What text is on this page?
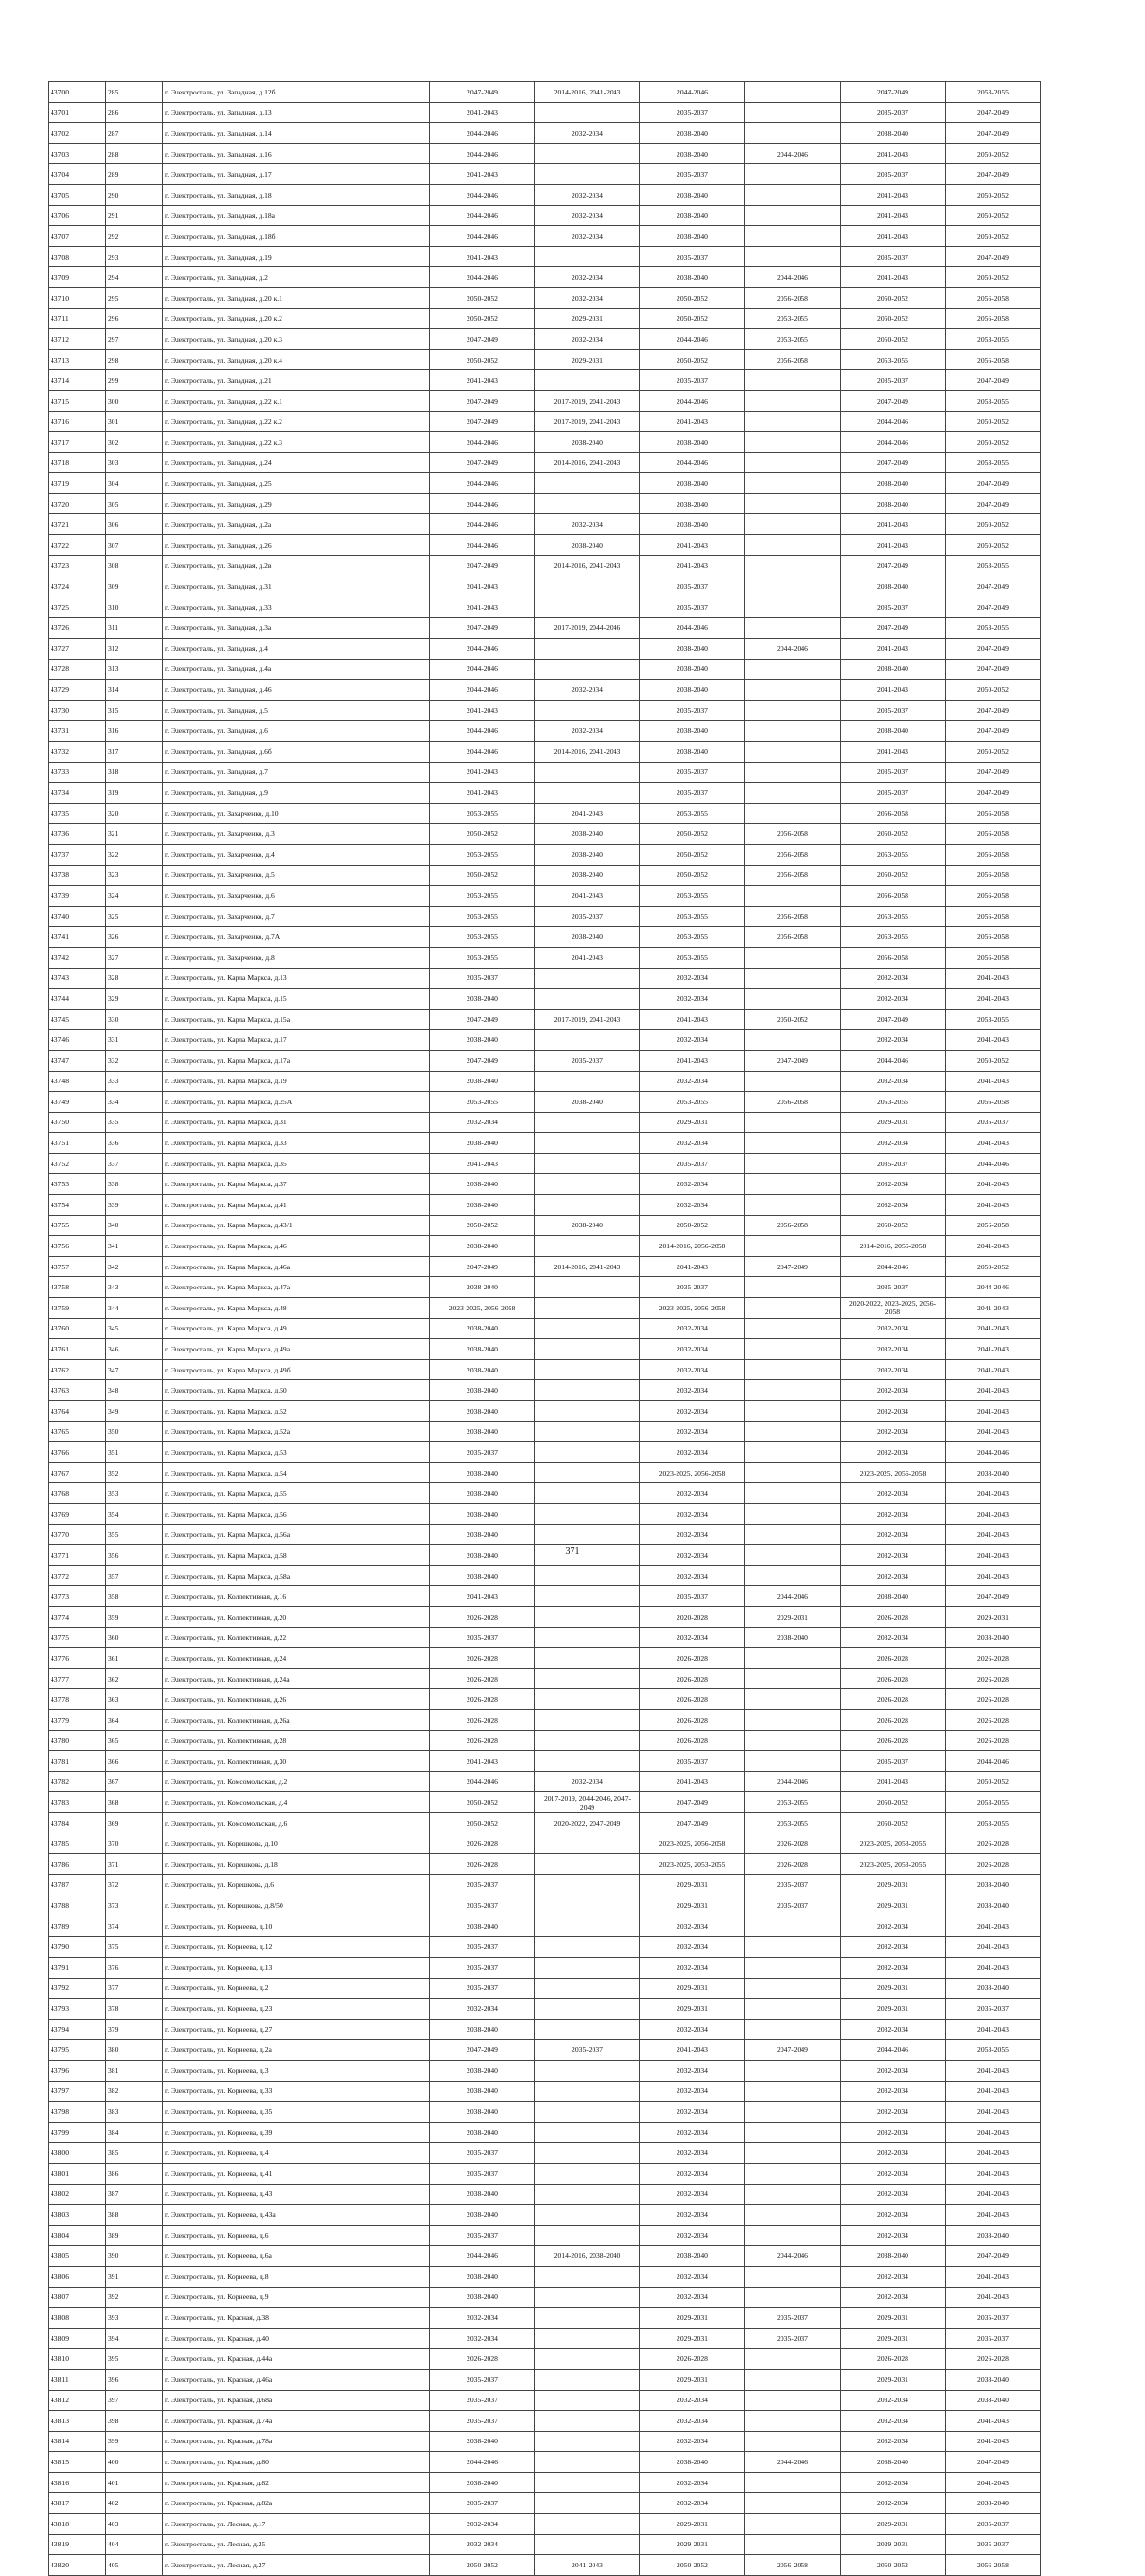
43700	285	г. Электросталь, ул. Западная, д.12б	2047-2049	2014-2016, 2041-2043	2044-2046		2047-2049	2053-2055
43701	286	г. Электросталь, ул. Западная, д.13	2041-2043		2035-2037		2035-2037	2047-2049
43702	287	г. Электросталь, ул. Западная, д.14	2044-2046	2032-2034	2038-2040		2038-2040	2047-2049
43703	288	г. Электросталь, ул. Западная, д.16	2044-2046		2038-2040	2044-2046	2041-2043	2050-2052
43704	289	г. Электросталь, ул. Западная, д.17	2041-2043		2035-2037		2035-2037	2047-2049
43705	290	г. Электросталь, ул. Западная, д.18	2044-2046	2032-2034	2038-2040		2041-2043	2050-2052
43706	291	г. Электросталь, ул. Западная, д.18а	2044-2046	2032-2034	2038-2040		2041-2043	2050-2052
43707	292	г. Электросталь, ул. Западная, д.18б	2044-2046	2032-2034	2038-2040		2041-2043	2050-2052
43708	293	г. Электросталь, ул. Западная, д.19	2041-2043		2035-2037		2035-2037	2047-2049
43709	294	г. Электросталь, ул. Западная, д.2	2044-2046	2032-2034	2038-2040	2044-2046	2041-2043	2050-2052
43710	295	г. Электросталь, ул. Западная, д.20 к.1	2050-2052	2032-2034	2050-2052	2056-2058	2050-2052	2056-2058
43711	296	г. Электросталь, ул. Западная, д.20 к.2	2050-2052	2029-2031	2050-2052	2053-2055	2050-2052	2056-2058
43712	297	г. Электросталь, ул. Западная, д.20 к.3	2047-2049	2032-2034	2044-2046	2053-2055	2050-2052	2053-2055
43713	298	г. Электросталь, ул. Западная, д.20 к.4	2050-2052	2029-2031	2050-2052	2056-2058	2053-2055	2056-2058
43714	299	г. Электросталь, ул. Западная, д.21	2041-2043		2035-2037		2035-2037	2047-2049
43715	300	г. Электросталь, ул. Западная, д.22 к.1	2047-2049	2017-2019, 2041-2043	2044-2046		2047-2049	2053-2055
43716	301	г. Электросталь, ул. Западная, д.22 к.2	2047-2049	2017-2019, 2041-2043	2041-2043		2044-2046	2050-2052
43717	302	г. Электросталь, ул. Западная, д.22 к.3	2044-2046	2038-2040	2038-2040		2044-2046	2050-2052
43718	303	г. Электросталь, ул. Западная, д.24	2047-2049	2014-2016, 2041-2043	2044-2046		2047-2049	2053-2055
43719	304	г. Электросталь, ул. Западная, д.25	2044-2046		2038-2040		2038-2040	2047-2049
43720	305	г. Электросталь, ул. Западная, д.29	2044-2046		2038-2040		2038-2040	2047-2049
43721	306	г. Электросталь, ул. Западная, д.2а	2044-2046	2032-2034	2038-2040		2041-2043	2050-2052
43722	307	г. Электросталь, ул. Западная, д.26	2044-2046	2038-2040	2041-2043		2041-2043	2050-2052
43723	308	г. Электросталь, ул. Западная, д.2в	2047-2049	2014-2016, 2041-2043	2041-2043		2047-2049	2053-2055
43724	309	г. Электросталь, ул. Западная, д.31	2041-2043		2035-2037		2038-2040	2047-2049
43725	310	г. Электросталь, ул. Западная, д.33	2041-2043		2035-2037		2035-2037	2047-2049
43726	311	г. Электросталь, ул. Западная, д.3а	2047-2049	2017-2019, 2044-2046	2044-2046		2047-2049	2053-2055
43727	312	г. Электросталь, ул. Западная, д.4	2044-2046		2038-2040	2044-2046	2041-2043	2047-2049
43728	313	г. Электросталь, ул. Западная, д.4а	2044-2046		2038-2040		2038-2040	2047-2049
43729	314	г. Электросталь, ул. Западная, д.46	2044-2046	2032-2034	2038-2040		2041-2043	2050-2052
43730	315	г. Электросталь, ул. Западная, д.5	2041-2043		2035-2037		2035-2037	2047-2049
43731	316	г. Электросталь, ул. Западная, д.6	2044-2046	2032-2034	2038-2040		2038-2040	2047-2049
43732	317	г. Электросталь, ул. Западная, д.6б	2044-2046	2014-2016, 2041-2043	2038-2040		2041-2043	2050-2052
43733	318	г. Электросталь, ул. Западная, д.7	2041-2043		2035-2037		2035-2037	2047-2049
43734	319	г. Электросталь, ул. Западная, д.9	2041-2043		2035-2037		2035-2037	2047-2049
43735	320	г. Электросталь, ул. Захарченко, д.10	2053-2055	2041-2043	2053-2055		2056-2058	2056-2058
43736	321	г. Электросталь, ул. Захарченко, д.3	2050-2052	2038-2040	2050-2052	2056-2058	2050-2052	2056-2058
43737	322	г. Электросталь, ул. Захарченко, д.4	2053-2055	2038-2040	2050-2052	2056-2058	2053-2055	2056-2058
43738	323	г. Электросталь, ул. Захарченко, д.5	2050-2052	2038-2040	2050-2052	2056-2058	2050-2052	2056-2058
43739	324	г. Электросталь, ул. Захарченко, д.6	2053-2055	2041-2043	2053-2055		2056-2058	2056-2058
43740	325	г. Электросталь, ул. Захарченко, д.7	2053-2055	2035-2037	2053-2055	2056-2058	2053-2055	2056-2058
43741	326	г. Электросталь, ул. Захарченко, д.7А	2053-2055	2038-2040	2053-2055	2056-2058	2053-2055	2056-2058
43742	327	г. Электросталь, ул. Захарченко, д.8	2053-2055	2041-2043	2053-2055		2056-2058	2056-2058
43743	328	г. Электросталь, ул. Карла Маркса, д.13	2035-2037		2032-2034		2032-2034	2041-2043
43744	329	г. Электросталь, ул. Карла Маркса, д.15	2038-2040		2032-2034		2032-2034	2041-2043
43745	330	г. Электросталь, ул. Карла Маркса, д.15а	2047-2049	2017-2019, 2041-2043	2041-2043	2050-2052	2047-2049	2053-2055
43746	331	г. Электросталь, ул. Карла Маркса, д.17	2038-2040		2032-2034		2032-2034	2041-2043
43747	332	г. Электросталь, ул. Карла Маркса, д.17а	2047-2049	2035-2037	2041-2043	2047-2049	2044-2046	2050-2052
43748	333	г. Электросталь, ул. Карла Маркса, д.19	2038-2040		2032-2034		2032-2034	2041-2043
43749	334	г. Электросталь, ул. Карла Маркса, д.25А	2053-2055	2038-2040	2053-2055	2056-2058	2053-2055	2056-2058
43750	335	г. Электросталь, ул. Карла Маркса, д.31	2032-2034		2029-2031		2029-2031	2035-2037
43751	336	г. Электросталь, ул. Карла Маркса, д.33	2038-2040		2032-2034		2032-2034	2041-2043
43752	337	г. Электросталь, ул. Карла Маркса, д.35	2041-2043		2035-2037		2035-2037	2044-2046
43753	338	г. Электросталь, ул. Карла Маркса, д.37	2038-2040		2032-2034		2032-2034	2041-2043
43754	339	г. Электросталь, ул. Карла Маркса, д.41	2038-2040		2032-2034		2032-2034	2041-2043
43755	340	г. Электросталь, ул. Карла Маркса, д.43/1	2050-2052	2038-2040	2050-2052	2056-2058	2050-2052	2056-2058
43756	341	г. Электросталь, ул. Карла Маркса, д.46	2038-2040		2014-2016, 2056-2058		2014-2016, 2056-2058	2041-2043
43757	342	г. Электросталь, ул. Карла Маркса, д.46а	2047-2049	2014-2016, 2041-2043	2041-2043	2047-2049	2044-2046	2050-2052
43758	343	г. Электросталь, ул. Карла Маркса, д.47а	2038-2040		2035-2037		2035-2037	2044-2046
43759	344	г. Электросталь, ул. Карла Маркса, д.48	2023-2025, 2056-2058		2023-2025, 2056-2058		2020-2022, 2023-2025, 2056-2058	2041-2043
43760	345	г. Электросталь, ул. Карла Маркса, д.49	2038-2040		2032-2034		2032-2034	2041-2043
43761	346	г. Электросталь, ул. Карла Маркса, д.49а	2038-2040		2032-2034		2032-2034	2041-2043
43762	347	г. Электросталь, ул. Карла Маркса, д.49б	2038-2040		2032-2034		2032-2034	2041-2043
43763	348	г. Электросталь, ул. Карла Маркса, д.50	2038-2040		2032-2034		2032-2034	2041-2043
43764	349	г. Электросталь, ул. Карла Маркса, д.52	2038-2040		2032-2034		2032-2034	2041-2043
43765	350	г. Электросталь, ул. Карла Маркса, д.52а	2038-2040		2032-2034		2032-2034	2041-2043
43766	351	г. Электросталь, ул. Карла Маркса, д.53	2035-2037		2032-2034		2032-2034	2044-2046
43767	352	г. Электросталь, ул. Карла Маркса, д.54	2038-2040		2023-2025, 2056-2058		2023-2025, 2056-2058	2038-2040
43768	353	г. Электросталь, ул. Карла Маркса, д.55	2038-2040		2032-2034		2032-2034	2041-2043
43769	354	г. Электросталь, ул. Карла Маркса, д.56	2038-2040		2032-2034		2032-2034	2041-2043
43770	355	г. Электросталь, ул. Карла Маркса, д.56а	2038-2040		2032-2034		2032-2034	2041-2043
43771	356	г. Электросталь, ул. Карла Маркса, д.58	2038-2040		2032-2034		2032-2034	2041-2043
43772	357	г. Электросталь, ул. Карла Маркса, д.58а	2038-2040		2032-2034		2032-2034	2041-2043
43773	358	г. Электросталь, ул. Коллективная, д.16	2041-2043		2035-2037	2044-2046	2038-2040	2047-2049
43774	359	г. Электросталь, ул. Коллективная, д.20	2026-2028		2020-2028	2029-2031	2026-2028	2029-2031
43775	360	г. Электросталь, ул. Коллективная, д.22	2035-2037		2032-2034	2038-2040	2032-2034	2038-2040
43776	361	г. Электросталь, ул. Коллективная, д.24	2026-2028		2026-2028		2026-2028	2026-2028
43777	362	г. Электросталь, ул. Коллективная, д.24а	2026-2028		2026-2028		2026-2028	2026-2028
43778	363	г. Электросталь, ул. Коллективная, д.26	2026-2028		2026-2028		2026-2028	2026-2028
43779	364	г. Электросталь, ул. Коллективная, д.26а	2026-2028		2026-2028		2026-2028	2026-2028
43780	365	г. Электросталь, ул. Коллективная, д.28	2026-2028		2026-2028		2026-2028	2026-2028
43781	366	г. Электросталь, ул. Коллективная, д.30	2041-2043		2035-2037		2035-2037	2044-2046
43782	367	г. Электросталь, ул. Комсомольская, д.2	2044-2046	2032-2034	2041-2043	2044-2046	2041-2043	2050-2052
43783	368	г. Электросталь, ул. Комсомольская, д.4	2050-2052	2017-2019, 2044-2046, 2047-2049	2047-2049	2053-2055	2050-2052	2053-2055
43784	369	г. Электросталь, ул. Комсомольская, д.6	2050-2052	2020-2022, 2047-2049	2047-2049	2053-2055	2050-2052	2053-2055
43785	370	г. Электросталь, ул. Корешкова, д.10	2026-2028		2023-2025, 2056-2058	2026-2028	2023-2025, 2053-2055	2026-2028
43786	371	г. Электросталь, ул. Корешкова, д.18	2026-2028		2023-2025, 2053-2055	2026-2028	2023-2025, 2053-2055	2026-2028
43787	372	г. Электросталь, ул. Корешкова, д.6	2035-2037		2029-2031	2035-2037	2029-2031	2038-2040
43788	373	г. Электросталь, ул. Корешкова, д.8/50	2035-2037		2029-2031	2035-2037	2029-2031	2038-2040
43789	374	г. Электросталь, ул. Корнеева, д.10	2038-2040		2032-2034		2032-2034	2041-2043
43790	375	г. Электросталь, ул. Корнеева, д.12	2035-2037		2032-2034		2032-2034	2041-2043
43791	376	г. Электросталь, ул. Корнеева, д.13	2035-2037		2032-2034		2032-2034	2041-2043
43792	377	г. Электросталь, ул. Корнеева, д.2	2035-2037		2029-2031		2029-2031	2038-2040
43793	378	г. Электросталь, ул. Корнеева, д.23	2032-2034		2029-2031		2029-2031	2035-2037
43794	379	г. Электросталь, ул. Корнеева, д.27	2038-2040		2032-2034		2032-2034	2041-2043
43795	380	г. Электросталь, ул. Корнеева, д.2а	2047-2049	2035-2037	2041-2043	2047-2049	2044-2046	2053-2055
43796	381	г. Электросталь, ул. Корнеева, д.3	2038-2040		2032-2034		2032-2034	2041-2043
43797	382	г. Электросталь, ул. Корнеева, д.33	2038-2040		2032-2034		2032-2034	2041-2043
43798	383	г. Электросталь, ул. Корнеева, д.35	2038-2040		2032-2034		2032-2034	2041-2043
43799	384	г. Электросталь, ул. Корнеева, д.39	2038-2040		2032-2034		2032-2034	2041-2043
43800	385	г. Электросталь, ул. Корнеева, д.4	2035-2037		2032-2034		2032-2034	2041-2043
43801	386	г. Электросталь, ул. Корнеева, д.41	2035-2037		2032-2034		2032-2034	2041-2043
43802	387	г. Электросталь, ул. Корнеева, д.43	2038-2040		2032-2034		2032-2034	2041-2043
43803	388	г. Электросталь, ул. Корнеева, д.43а	2038-2040		2032-2034		2032-2034	2041-2043
43804	389	г. Электросталь, ул. Корнеева, д.6	2035-2037		2032-2034		2032-2034	2038-2040
43805	390	г. Электросталь, ул. Корнеева, д.6а	2044-2046	2014-2016, 2038-2040	2038-2040	2044-2046	2038-2040	2047-2049
43806	391	г. Электросталь, ул. Корнеева, д.8	2038-2040		2032-2034		2032-2034	2041-2043
43807	392	г. Электросталь, ул. Корнеева, д.9	2038-2040		2032-2034		2032-2034	2041-2043
43808	393	г. Электросталь, ул. Красная, д.38	2032-2034		2029-2031	2035-2037	2029-2031	2035-2037
43809	394	г. Электросталь, ул. Красная, д.40	2032-2034		2029-2031	2035-2037	2029-2031	2035-2037
43810	395	г. Электросталь, ул. Красная, д.44а	2026-2028		2026-2028		2026-2028	2026-2028
43811	396	г. Электросталь, ул. Красная, д.46а	2035-2037		2029-2031		2029-2031	2038-2040
43812	397	г. Электросталь, ул. Красная, д.68а	2035-2037		2032-2034		2032-2034	2038-2040
43813	398	г. Электросталь, ул. Красная, д.74а	2035-2037		2032-2034		2032-2034	2041-2043
43814	399	г. Электросталь, ул. Красная, д.78а	2038-2040		2032-2034		2032-2034	2041-2043
43815	400	г. Электросталь, ул. Красная, д.80	2044-2046		2038-2040	2044-2046	2038-2040	2047-2049
43816	401	г. Электросталь, ул. Красная, д.82	2038-2040		2032-2034		2032-2034	2041-2043
43817	402	г. Электросталь, ул. Красная, д.82а	2035-2037		2032-2034		2032-2034	2038-2040
43818	403	г. Электросталь, ул. Лесная, д.17	2032-2034		2029-2031		2029-2031	2035-2037
43819	404	г. Электросталь, ул. Лесная, д.25	2032-2034		2029-2031		2029-2031	2035-2037
43820	405	г. Электросталь, ул. Лесная, д.27	2050-2052	2041-2043	2050-2052	2056-2058	2050-2052	2056-2058
371
